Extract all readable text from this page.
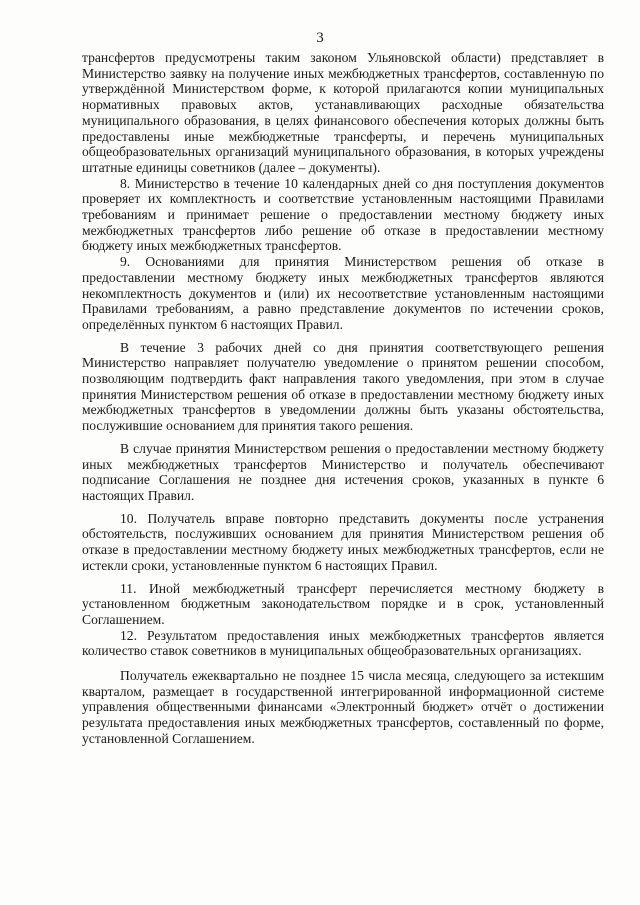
3

трансфертов предусмотрены таким законом Ульяновской области) представляет в Министерство заявку на получение иных межбюджетных трансфертов, составленную по утверждённой Министерством форме, к которой прилагаются копии муниципальных нормативных правовых актов, устанавливающих расходные обязательства муниципального образования, в целях финансового обеспечения которых должны быть предоставлены иные межбюджетные трансферты, и перечень муниципальных общеобразовательных организаций муниципального образования, в которых учреждены штатные единицы советников (далее – документы).

8. Министерство в течение 10 календарных дней со дня поступления документов проверяет их комплектность и соответствие установленным настоящими Правилами требованиям и принимает решение о предоставлении местному бюджету иных межбюджетных трансфертов либо решение об отказе в предоставлении местному бюджету иных межбюджетных трансфертов.

9. Основаниями для принятия Министерством решения об отказе в предоставлении местному бюджету иных межбюджетных трансфертов являются некомплектность документов и (или) их несоответствие установленным настоящими Правилами требованиям, а равно представление документов по истечении сроков, определённых пунктом 6 настоящих Правил.

В течение 3 рабочих дней со дня принятия соответствующего решения Министерство направляет получателю уведомление о принятом решении способом, позволяющим подтвердить факт направления такого уведомления, при этом в случае принятия Министерством решения об отказе в предоставлении местному бюджету иных межбюджетных трансфертов в уведомлении должны быть указаны обстоятельства, послужившие основанием для принятия такого решения.

В случае принятия Министерством решения о предоставлении местному бюджету иных межбюджетных трансфертов Министерство и получатель обеспечивают подписание Соглашения не позднее дня истечения сроков, указанных в пункте 6 настоящих Правил.

10. Получатель вправе повторно представить документы после устранения обстоятельств, послуживших основанием для принятия Министерством решения об отказе в предоставлении местному бюджету иных межбюджетных трансфертов, если не истекли сроки, установленные пунктом 6 настоящих Правил.

11. Иной межбюджетный трансферт перечисляется местному бюджету в установленном бюджетным законодательством порядке и в срок, установленный Соглашением.

12. Результатом предоставления иных межбюджетных трансфертов является количество ставок советников в муниципальных общеобразовательных организациях.

Получатель ежеквартально не позднее 15 числа месяца, следующего за истекшим кварталом, размещает в государственной интегрированной информационной системе управления общественными финансами «Электронный бюджет» отчёт о достижении результата предоставления иных межбюджетных трансфертов, составленный по форме, установленной Соглашением.
